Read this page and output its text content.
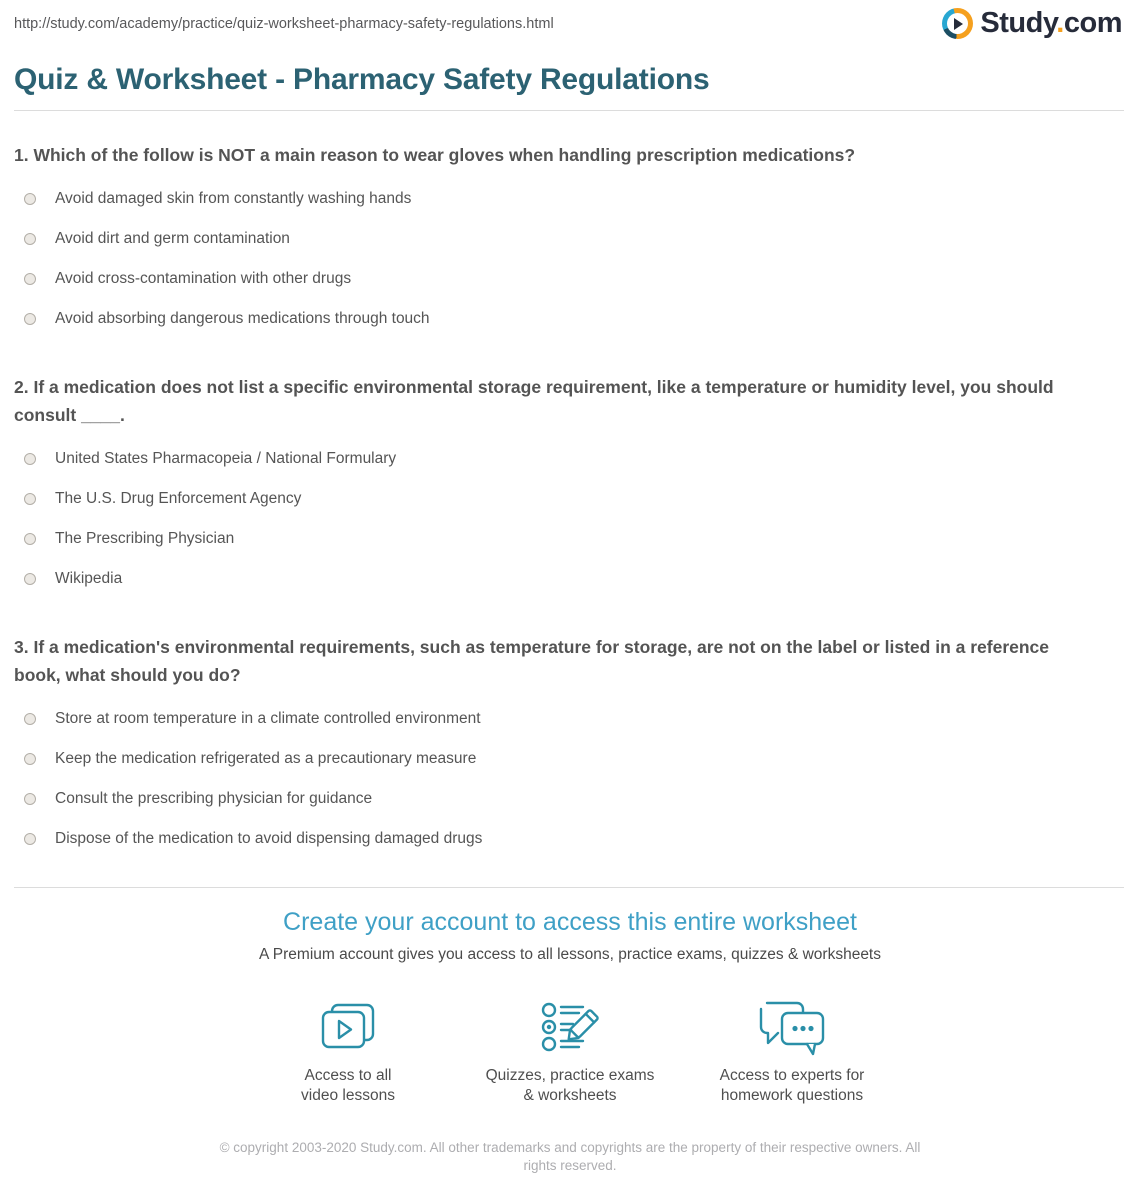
http://study.com/academy/practice/quiz-worksheet-pharmacy-safety-regulations.html	Study.com
Quiz & Worksheet - Pharmacy Safety Regulations
1. Which of the follow is NOT a main reason to wear gloves when handling prescription medications?
Avoid damaged skin from constantly washing hands
Avoid dirt and germ contamination
Avoid cross-contamination with other drugs
Avoid absorbing dangerous medications through touch
2. If a medication does not list a specific environmental storage requirement, like a temperature or humidity level, you should consult ____.
United States Pharmacopeia / National Formulary
The U.S. Drug Enforcement Agency
The Prescribing Physician
Wikipedia
3. If a medication's environmental requirements, such as temperature for storage, are not on the label or listed in a reference book, what should you do?
Store at room temperature in a climate controlled environment
Keep the medication refrigerated as a precautionary measure
Consult the prescribing physician for guidance
Dispose of the medication to avoid dispensing damaged drugs
Create your account to access this entire worksheet
A Premium account gives you access to all lessons, practice exams, quizzes & worksheets
Access to all
video lessons
Quizzes, practice exams
& worksheets
Access to experts for
homework questions
© copyright 2003-2020 Study.com. All other trademarks and copyrights are the property of their respective owners. All rights reserved.
